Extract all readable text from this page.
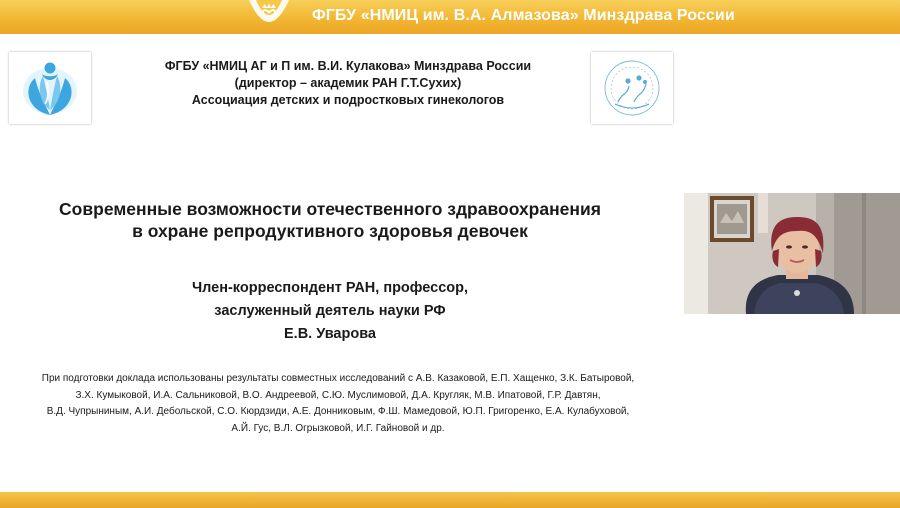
ФГБУ «НМИЦ им. В.А. Алмазова» Минздрава России
ФГБУ «НМИЦ АГ и П им. В.И. Кулакова» Минздрава России
(директор – академик РАН Г.Т.Сухих)
Ассоциация детских и подростковых гинекологов
Современные возможности отечественного здравоохранения
в охране репродуктивного здоровья девочек
Член-корреспондент РАН, профессор,
заслуженный деятель науки РФ
Е.В. Уварова
При подготовки доклада использованы результаты совместных исследований с А.В. Казаковой, Е.П. Хащенко, З.К. Батыровой,
З.Х. Кумыковой, И.А. Сальниковой, В.О. Андреевой, С.Ю. Муслимовой, Д.А. Кругляк, М.В. Ипатовой, Г.Р. Давтян,
В.Д. Чупрыниным, А.И. Дебольской, С.О. Кюрдзиди, А.Е. Донниковым, Ф.Ш. Мамедовой, Ю.П. Григоренко, Е.А. Кулабуховой,
А.Й. Гус, В.Л. Огрызковой, И.Г. Гайновой и др.
